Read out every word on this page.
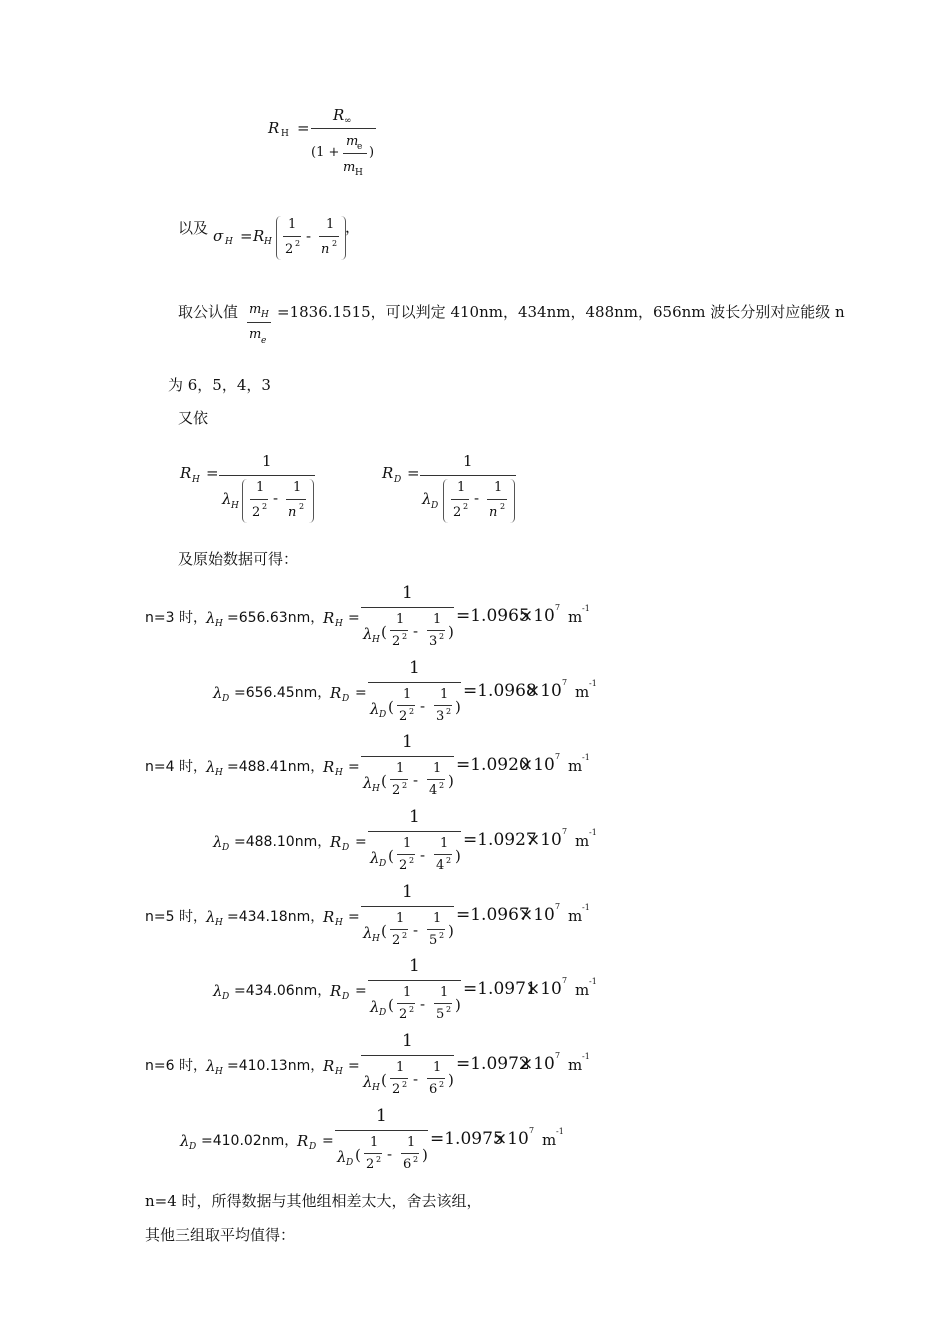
R H =
R ∞
(1 +
m
e
m H
)
以及 σ H = R H
1
2 2 -
1
n 2
，
取公认值 m H
m e
=1836.1515，可以判定 410nm，434nm，488nm，656nm 波长分别对应能级 n
为 6，5，4，3
又依
R H =
1
λ H
1
2 2 -
1
n 2
R D =
1
λ D
1
2 2 -
1
n 2
及原始数据可得：
n=3 时， λ H =656.63nm，
R H =
1
λ H (
1
2 2 -
1
3 2 )
=1.0965
×10 7
m -1
λ D =656.45nm，
R D =
1
λ D (
1
2 2 -
1
3 2 )
=1.0968
×10 7
m -1
n=4 时， λ H =488.41nm，
R H =
1
λ H (
1
2 2 -
1
4 2 )
=1.0920
×10 7
m -1
λ D =488.10nm，
R D =
1
λ D (
1
2 2 -
1
4 2 )
=1.0927
×10 7
m -1
n=5 时， λ H =434.18nm，
R H =
1
λ H (
1
2 2 -
1
5 2 )
=1.0967
×10 7
m -1
λ D =434.06nm，
R D =
1
λ D (
1
2 2 -
1
5 2 )
=1.0971
×10 7
m -1
n=6 时， λ H =410.13nm，
R H =
1
λ H (
1
2 2 -
1
6 2 )
=1.0972
×10 7
m -1
λ D =410.02nm，
R D =
1
λ D (
1
2 2 -
1
6 2 )
=1.0975
×10 7
m -1
n=4 时，所得数据与其他组相差太大，舍去该组，
其他三组取平均值得：
